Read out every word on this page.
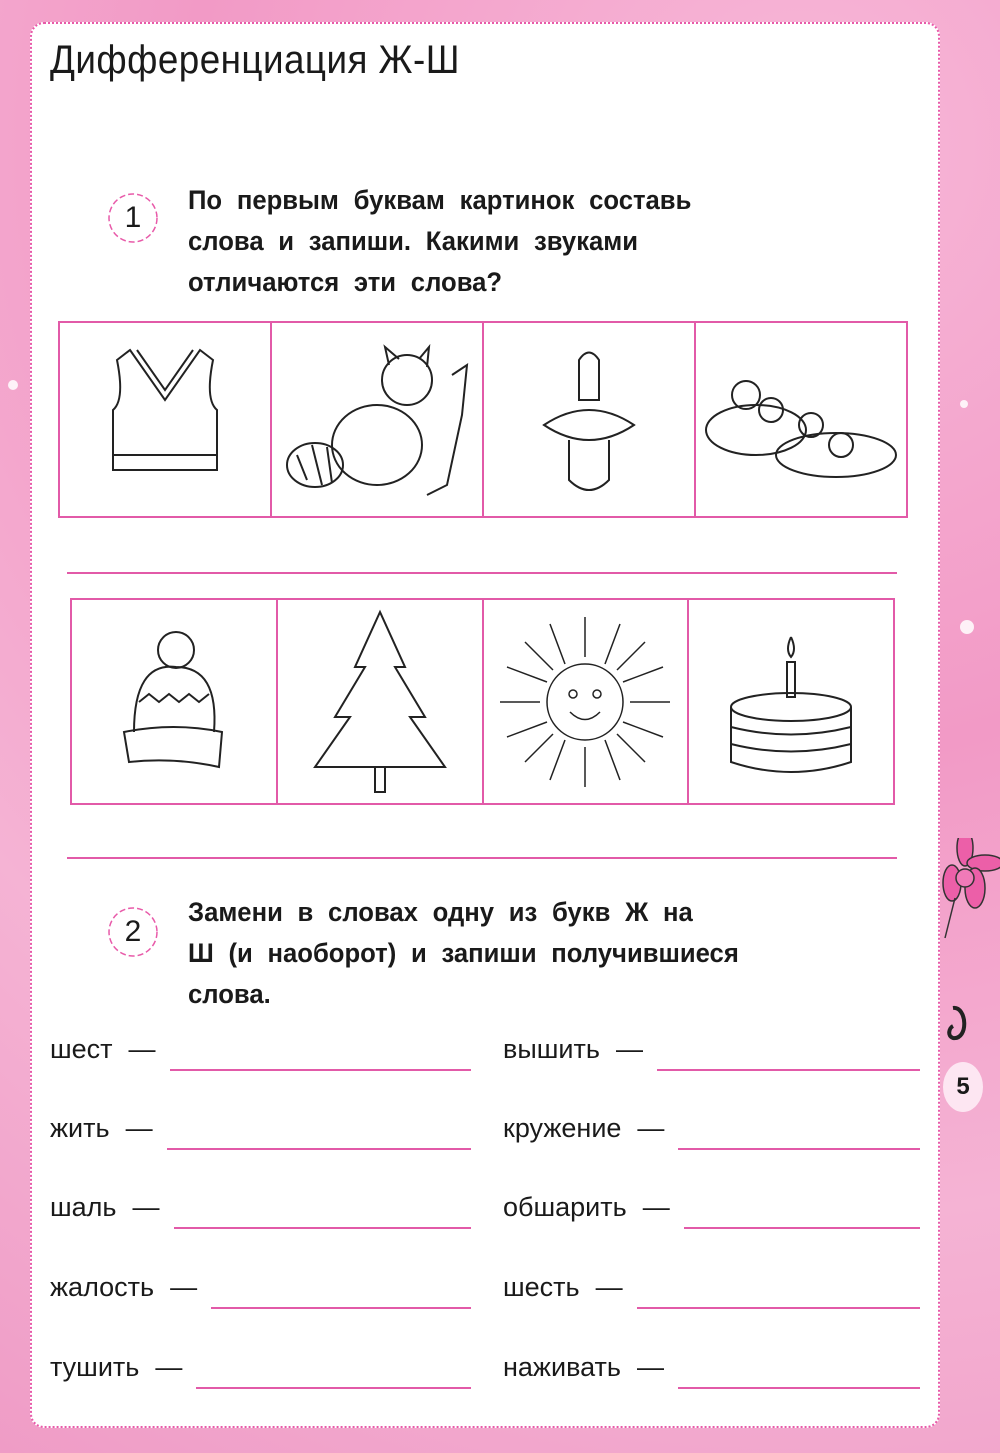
Дифференциация Ж-Ш
1
По первым буквам картинок составь
слова и запиши. Какими звуками
отличаются эти слова?
2
Замени в словах одну из букв Ж на
Ш (и наоборот) и запиши получившиеся
слова.
шест —
жить —
шаль —
жалость —
тушить —
вышить —
кружение —
обшарить —
шесть —
наживать —
5
